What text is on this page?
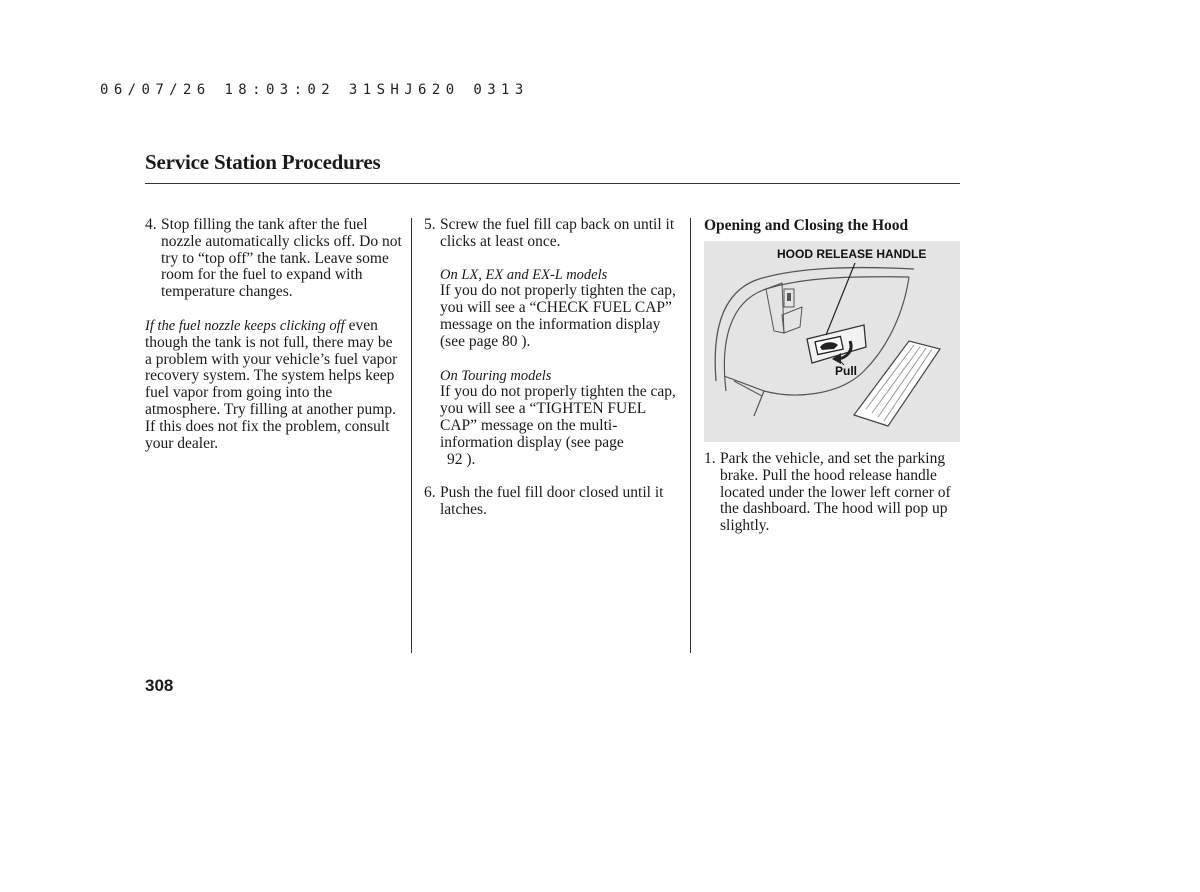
06/07/26 18:03:02 31SHJ620 0313
Service Station Procedures
4. Stop filling the tank after the fuel nozzle automatically clicks off. Do not try to “top off” the tank. Leave some room for the fuel to expand with temperature changes.
If the fuel nozzle keeps clicking off even though the tank is not full, there may be a problem with your vehicle’s fuel vapor recovery system. The system helps keep fuel vapor from going into the atmosphere. Try filling at another pump. If this does not fix the problem, consult your dealer.
5. Screw the fuel fill cap back on until it clicks at least once.
On LX, EX and EX-L models
If you do not properly tighten the cap, you will see a “CHECK FUEL CAP” message on the information display (see page 80 ).
On Touring models
If you do not properly tighten the cap, you will see a “TIGHTEN FUEL CAP” message on the multi-information display (see page
92 ).
6. Push the fuel fill door closed until it latches.
Opening and Closing the Hood
HOOD RELEASE HANDLE
Pull
1. Park the vehicle, and set the parking brake. Pull the hood release handle located under the lower left corner of the dashboard. The hood will pop up slightly.
308
